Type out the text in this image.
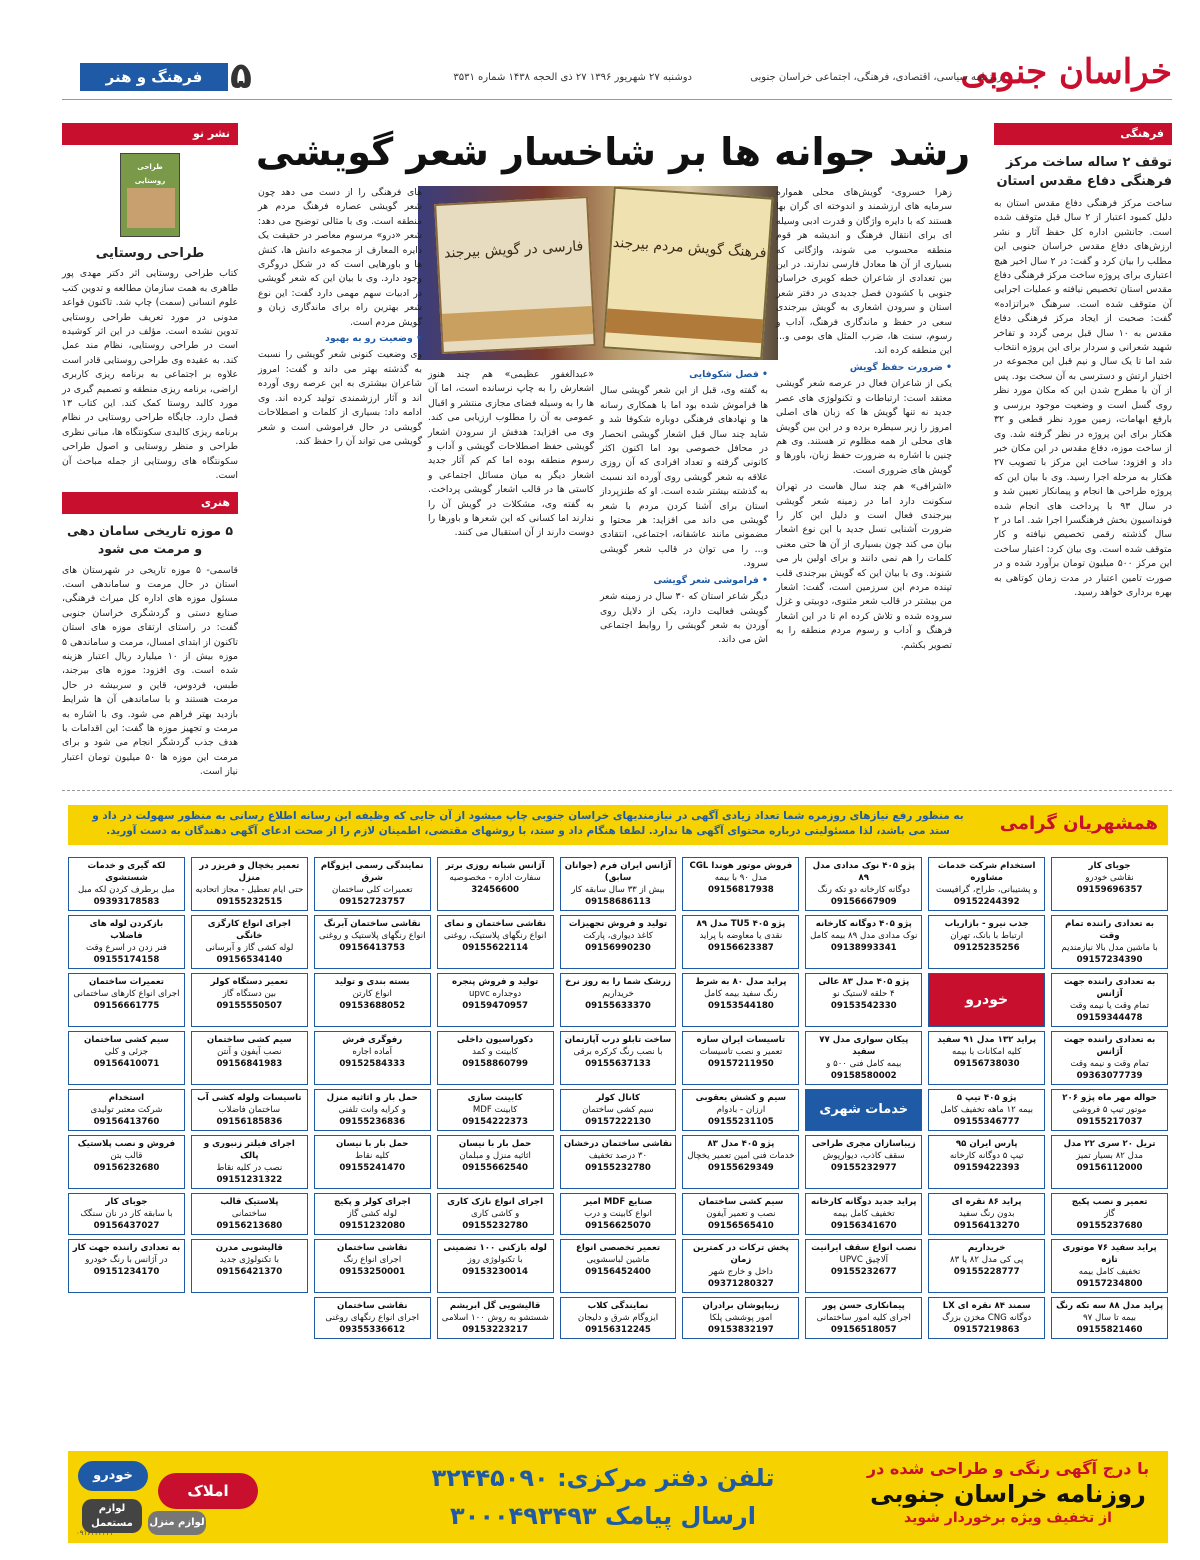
خراسان جنوبی
روزنامه سیاسی، اقتصادی، فرهنگی، اجتماعی خراسان جنوبی
دوشنبه ۲۷ شهریور ۱۳۹۶ ۲۷ ذی الحجه ۱۴۳۸ شماره ۳۵۳۱
۵
فرهنگ و هنر
فرهنگی
توقف ۲ ساله ساخت مرکز فرهنگی دفاع مقدس استان

ساخت مرکز فرهنگی دفاع مقدس استان به دلیل کمبود اعتبار از ۲ سال قبل متوقف شده است. جانشین اداره کل حفظ آثار و نشر ارزش‌های دفاع مقدس خراسان جنوبی این مطلب را بیان کرد و گفت: در ۲ سال اخیر هیچ اعتباری برای پروژه ساخت مرکز فرهنگی دفاع مقدس استان تخصیص نیافته و عملیات اجرایی آن متوقف شده است. سرهنگ «براتزاده» گفت: صحبت از ایجاد مرکز فرهنگی دفاع مقدس به ۱۰ سال قبل برمی گردد و تفاخر شهید شعرانی و سردار برای این پروژه انتخاب شد اما تا یک سال و نیم قبل این مجموعه در اختیار ارتش و دسترسی به آن سخت بود. پس از آن با مطرح شدن این که مکان مورد نظر روی گسل است و وضعیت موجود بررسی و بارفع ابهامات، زمین مورد نظر قطعی و ۳۲ هکتار برای این پروژه در نظر گرفته شد. وی از ساخت موزه، دفاع مقدس در این مکان خبر داد و افزود: ساخت این مرکز با تصویب ۲۷ هکتار به مرحله اجرا رسید. وی با بیان این که پروژه طراحی ها انجام و پیمانکار تعیین شد و در سال ۹۳ با پرداخت های انجام شده فونداسیون بخش فرهنگسرا اجرا شد. اما در ۲ سال گذشته رقمی تخصیص نیافته و کار متوقف شده است. وی بیان کرد: اعتبار ساخت این مرکز ۵۰۰ میلیون تومان برآورد شده و در صورت تامین اعتبار در مدت زمان کوتاهی به بهره برداری خواهد رسید.

رشد جوانه ها بر شاخسار شعر گویشی
فارسی در گویش بیرجند	فرهنگ گویش مردم بیرجند

زهرا خسروی- گویش‌های محلی همواره سرمایه های ارزشمند و اندوخته ای گران بها هستند که با دایره واژگان و قدرت ادبی وسیله ای برای انتقال فرهنگ و اندیشه هر قوم منطقه محسوب می شوند، واژگانی که بسیاری از آن ها معادل فارسی ندارند. در این بین تعدادی از شاعران خطه کویری خراسان جنوبی با کشودن فصل جدیدی در دفتر شعر استان و سرودن اشعاری به گویش بیرجندی سعی در حفظ و ماندگاری فرهنگ، آداب و رسوم، سنت ها، ضرب المثل های بومی و... این منطقه کرده اند.

• ضرورت حفظ گویش

یکی از شاعران فعال در عرصه شعر گویشی معتقد است: ارتباطات و تکنولوژی های عصر جدید نه تنها گویش ها که زبان های اصلی امروز را زیر سیطره برده و در این بین گویش های محلی از همه مظلوم تر هستند. وی هم چنین با اشاره به ضرورت حفظ زبان، باورها و گویش های ضروری است.

«اشرافی» هم چند سال هاست در تهران سکونت دارد اما در زمینه شعر گویشی بیرجندی فعال است و دلیل این کار را ضرورت آشنایی نسل جدید با این نوع اشعار بیان می کند چون بسیاری از آن ها حتی معنی کلمات را هم نمی دانند و برای اولین بار می شنوند. وی با بیان این که گویش بیرجندی قلب تپنده مردم این سرزمین است، گفت: اشعار من بیشتر در قالب شعر مثنوی، دوبیتی و غزل سروده شده و تلاش کرده ام تا در این اشعار فرهنگ و آداب و رسوم مردم منطقه را به تصویر بکشم.

• فصل شکوفایی

به گفته وی، قبل از این شعر گویشی سال ها فراموش شده بود اما با همکاری رسانه ها و نهادهای فرهنگی دوباره شکوفا شد و شاید چند سال قبل اشعار گویشی انحصار در محافل خصوصی بود اما اکنون اکثر کانونی گرفته و تعداد افرادی که آن روزی علاقه به شعر گویشی روی آورده اند نسبت به گذشته بیشتر شده است. او که طنزپرداز استان برای آشنا کردن مردم با شعر گویشی می داند می افزاید: هر محتوا و مضمونی مانند عاشقانه، اجتماعی، انتقادی و... را می توان در قالب شعر گویشی سرود.

• فراموشی شعر گویشی

دیگر شاعر استان که ۳۰ سال در زمینه شعر گویشی فعالیت دارد، یکی از دلایل روی آوردن به شعر گویشی را روابط اجتماعی اش می داند.

«عبدالغفور عظیمی» هم چند هنوز اشعارش را به چاپ نرسانده است، اما آن ها را به وسیله فضای مجازی منتشر و اقبال عمومی به آن را مطلوب ارزیابی می کند. وی می افزاید: هدفش از سرودن اشعار گویشی حفظ اصطلاحات گویشی و آداب و رسوم منطقه بوده اما کم کم آثار جدید اشعار دیگر به میان مسائل اجتماعی و کاستی ها در قالب اشعار گویشی پرداخت. به گفته وی، مشکلات در گویش آن را ندارند اما کسانی که این شعرها و باورها را دوست دارند از آن استقبال می کنند.

های فرهنگی را از دست می دهد چون شعر گویشی عصاره فرهنگ مردم هر منطقه است. وی با مثالی توضیح می دهد: شعر «درو» مرسوم معاصر در حقیقت یک دایره المعارف از مجموعه دانش ها، کنش ها و باورهایی است که در شکل دروگری وجود دارد. وی با بیان این که شعر گویشی در ادبیات سهم مهمی دارد گفت: این نوع شعر بهترین راه برای ماندگاری زبان و گویش مردم است.

• وضعیت رو به بهبود

وی وضعیت کنونی شعر گویشی را نسبت به گذشته بهتر می داند و گفت: امروز شاعران بیشتری به این عرصه روی آورده اند و آثار ارزشمندی تولید کرده اند. وی ادامه داد: بسیاری از کلمات و اصطلاحات گویشی در حال فراموشی است و شعر گویشی می تواند آن را حفظ کند.

نشر نو
طراحی روستایی
طراحی روستایی

کتاب طراحی روستایی اثر دکتر مهدی پور طاهری به همت سازمان مطالعه و تدوین کتب علوم انسانی (سمت) چاپ شد. تاکنون قواعد مدونی در مورد تعریف طراحی روستایی تدوین نشده است. مؤلف در این اثر کوشیده است در طراحی روستایی، نظام مند عمل کند. به عقیده وی طراحی روستایی قادر است علاوه بر اجتماعی به برنامه ریزی کاربری اراضی، برنامه ریزی منطقه و تصمیم گیری در مورد کالبد روستا کمک کند. این کتاب ۱۳ فصل دارد. جایگاه طراحی روستایی در نظام برنامه ریزی کالبدی سکونتگاه ها، مبانی نظری طراحی و منظر روستایی و اصول طراحی سکونتگاه های روستایی از جمله مباحث آن است.

هنری
۵ موزه تاریخی سامان دهی و مرمت می شود

قاسمی- ۵ موزه تاریخی در شهرستان های استان در حال مرمت و ساماندهی است. مسئول موزه های اداره کل میراث فرهنگی، صنایع دستی و گردشگری خراسان جنوبی گفت: در راستای ارتقای موزه های استان تاکنون از ابتدای امسال، مرمت و ساماندهی ۵ موزه بیش از ۱۰ ميليارد ریال اعتبار هزینه شده است. وی افزود: موزه های بیرجند، طبس، فردوس، قاین و سربیشه در حال مرمت هستند و با ساماندهی آن ها شرایط بازدید بهتر فراهم می شود. وی با اشاره به مرمت و تجهیز موزه ها گفت: این اقدامات با هدف جذب گردشگر انجام می شود و برای مرمت این موزه ها ۵۰ میلیون تومان اعتبار نیاز است.

همشهریان گرامی
به منظور رفع نیازهای روزمره شما تعداد زیادی آگهی در نیازمندیهای خراسان جنوبی چاپ میشود از آن جایی که وظیفه این رسانه اطلاع رسانی به منظور سهولت در داد و ستد می باشد، لذا مسئولیتی درباره محتوای آگهی ها ندارد. لطفا هنگام داد و ستد، با روشهای مقتضی، اطمینان لازم را از صحت ادعای آگهی دهندگان به دست آورید.
جویای کار
نقاشی خودرو
09159696357
استخدام شرکت خدمات مشاوره
و پشتیبانی، طراح، گرافیست
09152244392
پژو ۴۰۵ نوک مدادی مدل ۸۹
دوگانه کارخانه دو تکه رنگ
09156667909
فروش موتور هوندا CGL
مدل ۹۰ با بیمه
09156817938
آژانس ایران فرم (جوانان سابق)
بیش از ۳۳ سال سابقه کار
09158686113
آژانس شبانه روزی برتر
سفارت اداره - مخصوصیه
32456600
نمایندگی رسمی ایزوگام شرق
تعمیرات کلی ساختمان
09152723757
تعمیر یخچال و فریزر در منزل
حتی ایام تعطیل - مجاز اتحادیه
09155232515
لکه گیری و خدمات شستشوی
مبل برطرف کردن لکه مبل
09393178583
به تعدادی راننده تمام وقت
با ماشین مدل بالا نیازمندیم
09157234390
جذب نیرو - بازاریاب
ارتباط با بانک، تهران
09125235256
پژو ۴۰۵ دوگانه کارخانه
نوک مدادی مدل ۸۹ بیمه کامل
09138993341
پژو ۴۰۵ TU5 مدل ۸۹
نقدی یا معاوضه با پراید
09156623387
تولید و فروش تجهیزات
کاغذ دیواری، پارکت
09156990230
نقاشی ساختمان و نمای
انواع رنگهای پلاستیک، روغنی
09155622114
نقاشی ساختمان آبرنگ
انواع رنگهای پلاستیک و روغنی
09156413753
اجرای انواع کارگزی خانگی
لوله کشی گاز و آبرسانی
09156534140
بازکردن لوله های فاضلاب
فنر زدن در اسرع وقت
09155174158
به تعدادی راننده جهت آژانس
تمام وقت یا نیمه وقت
09159344478
خودرو
پژو ۴۰۵ مدل ۸۳ عالی
۴ حلقه لاستیک نو
09153542330
پراید مدل ۸۰ به شرط
رنگ سفید بیمه کامل
09153544180
زرشک شما را به روز نرخ
خریداریم
09155633370
تولید و فروش پنجره
دوجداره upvc
09159470957
بسته بندی و تولید
انواع کارتن
09153688052
تعمیر دستگاه کولر
بین دستگاه گاز
09155550507
تعمیرات ساختمان
اجرای انواع کارهای ساختمانی
09156661775
به تعدادی راننده جهت آژانس
تمام وقت و نیمه وقت
09363077739
پراید ۱۳۲ مدل ۹۱ سفید
کلیه امکانات با بیمه
09156738030
پیکان سواری مدل ۷۷ سفید
بیمه کامل فنی ۵۰۰ و
09158580002
تاسیسات ایران سازه
تعمیر و نصب تاسیسات
09157211950
ساخت تابلو درب آپارتمان
با نصب رنگ کرکره برقی
09155637133
دکوراسیون داخلی
کابینت و کمد
09158860799
رفوگری فرش
آماده اجاره
09152584333
سیم کشی ساختمان
نصب آیفون و آنتن
09156841983
سیم کشی ساختمان
جزئی و کلی
09156410071
حواله مهر ماه پژو ۲۰۶
موتور تیپ ۵ فروشی
09155217037
پژو ۴۰۵ تیپ ۵
بیمه ۱۲ ماهه تخفیف کامل
09155346777
خدمات شهری
سیم و کشش یعقوبی
ارزان - بادوام
09155231105
کانال کولر
سیم کشی ساختمان
09157222130
کابینت سازی
کابینت MDF
09154222373
حمل بار و اثاثیه منزل
و کرایه وانت تلفنی
09155236836
تاسیسات ولوله کشی آب
ساختمان فاضلاب
09156185836
استخدام
شرکت معتبر تولیدی
09156413760
تریل ۲۰ سری ۲۲ مدل
مدل ۸۲ بسیار تمیز
09156112000
پارس ایران ۹۵
تیپ ۵ دوگانه کارخانه
09159422393
زیباسازان مجری طراحی
سقف کاذب، دیوارپوش
09155232977
پژو ۴۰۵ مدل ۸۳
خدمات فنی امین تعمیر یخچال
09155629349
نقاشی ساختمان درخشان
۳۰ درصد تخفیف
09155232780
حمل بار با نیسان
اثاثیه منزل و مبلمان
09155662540
حمل بار با نیسان
کلیه نقاط
09155241470
اجرای فیلتر زنبوری و پالک
نصب در کلیه نقاط
09151231322
فروش و نصب پلاستیک
قالب بتن
09156232680
تعمیر و نصب پکیج
گاز
09155237680
پراید ۸۶ نقره ای
بدون رنگ سفید
09156413270
پراید جدید دوگانه کارخانه
تخفیف کامل بیمه
09156341670
سیم کشی ساختمان
نصب و تعمیر آیفون
09156565410
صنایع MDF امیر
انواع کابینت و درب
09156625070
اجرای انواع نازک کاری
و کاشی کاری
09155232780
اجرای کولر و پکیج
لوله کشی گاز
09151232080
پلاستیک قالب
ساختمانی
09156213680
جوبای کار
با سابقه کار در نان سنگک
09156437027
پراید سفید ۷۶ موتوری تازه
تخفیف کامل بیمه
09157234800
خریداریم
پی کی مدل ۸۲ یا ۸۳
09155228777
نصب انواع سقف ایرانیت
آلاچیق UPVC
09155232677
پخش ترکات در کمترین زمان
داخل و خارج شهر
09371280327
تعمیر تخصصی انواع
ماشین لباسشویی
09156452400
لوله بازکنی ۱۰۰ تضمینی
با تکنولوژی روز
09153230014
نقاشی ساختمان
اجرای انواع رنگ
09153250001
قالیشویی مدرن
با تکنولوژی جدید
09156421370
به تعدادی راننده جهت کار
در آژانس با رنگ خودرو
09151234170
پراید مدل ۸۸ سه تکه رنگ
بیمه تا سال ۹۷
09155821460
سمند ۸۴ نقره ای LX
دوگانه CNG مخزن بزرگ
09157219863
پیمانکاری حسن پور
اجرای کلیه امور ساختمانی
09156518057
زیباپوشان برادران
امور پوششی پلکا
09153832197
نمایندگی کلاب
ایزوگام شرق و دلیجان
09156312245
قالیشویی گل ابریشم
شستشو به روش ۱۰۰ اسلامی
09153223217
نقاشی ساختمان
اجرای انواع رنگهای روغنی
09355336612
با درج آگهی رنگی و طراحی شده در
روزنامه خراسان جنوبی
از تخفیف ویژه برخوردار شوید
تلفن دفتر مرکزی: ۳۲۴۴۵۰۹۰
ارسال پیامک ۳۰۰۰۴۹۳۴۹۳
خودرو
املاک
لوازم مستعمل	لوازم منزل
۰۹۱۶۳۲۳۲۴۴
